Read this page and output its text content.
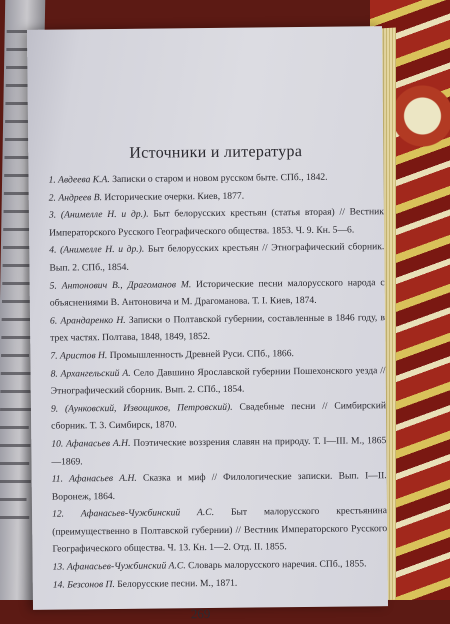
Источники и литература

1. Авдеева К.А. Записки о старом и новом русском быте. СПб., 1842.

2. Андреев В. Исторические очерки. Киев, 1877.

3. (Анимелле Н. и др.). Быт белорусских крестьян (статья вторая) // Вестник Императорского Русского Географического общества. 1853. Ч. 9. Кн. 5—6.

4. (Анимелле Н. и др.). Быт белорусских крестьян // Этнографический сборник. Вып. 2. СПб., 1854.

5. Антонович В., Драгоманов М. Исторические песни малорусского народа с объяснениями В. Антоновича и М. Драгоманова. Т. I. Киев, 1874.

6. Арандаренко Н. Записки о Полтавской губернии, составленные в 1846 году, в трех частях. Полтава, 1848, 1849, 1852.

7. Аристов Н. Промышленность Древней Руси. СПб., 1866.

8. Архангельский А. Село Давшино Ярославской губернии Пошехонского уезда // Этнографический сборник. Вып. 2. СПб., 1854.

9. (Аунковский, Извощиков, Петровский). Свадебные песни // Симбирский сборник. Т. 3. Симбирск, 1870.

10. Афанасьев А.Н. Поэтические воззрения славян на природу. Т. I—III. М., 1865—1869.

11. Афанасьев А.Н. Сказка и миф // Филологические записки. Вып. I—II. Воронеж, 1864.

12. Афанасьев-Чужбинский А.С. Быт малорусского крестьянина (преимущественно в Полтавской губернии) // Вестник Императорского Русского Географического общества. Ч. 13. Кн. 1—2. Отд. II. 1855.

13. Афанасьев-Чужбинский А.С. Словарь малорусского наречия. СПб., 1855.

14. Безсонов П. Белорусские песни. М., 1871.

269
